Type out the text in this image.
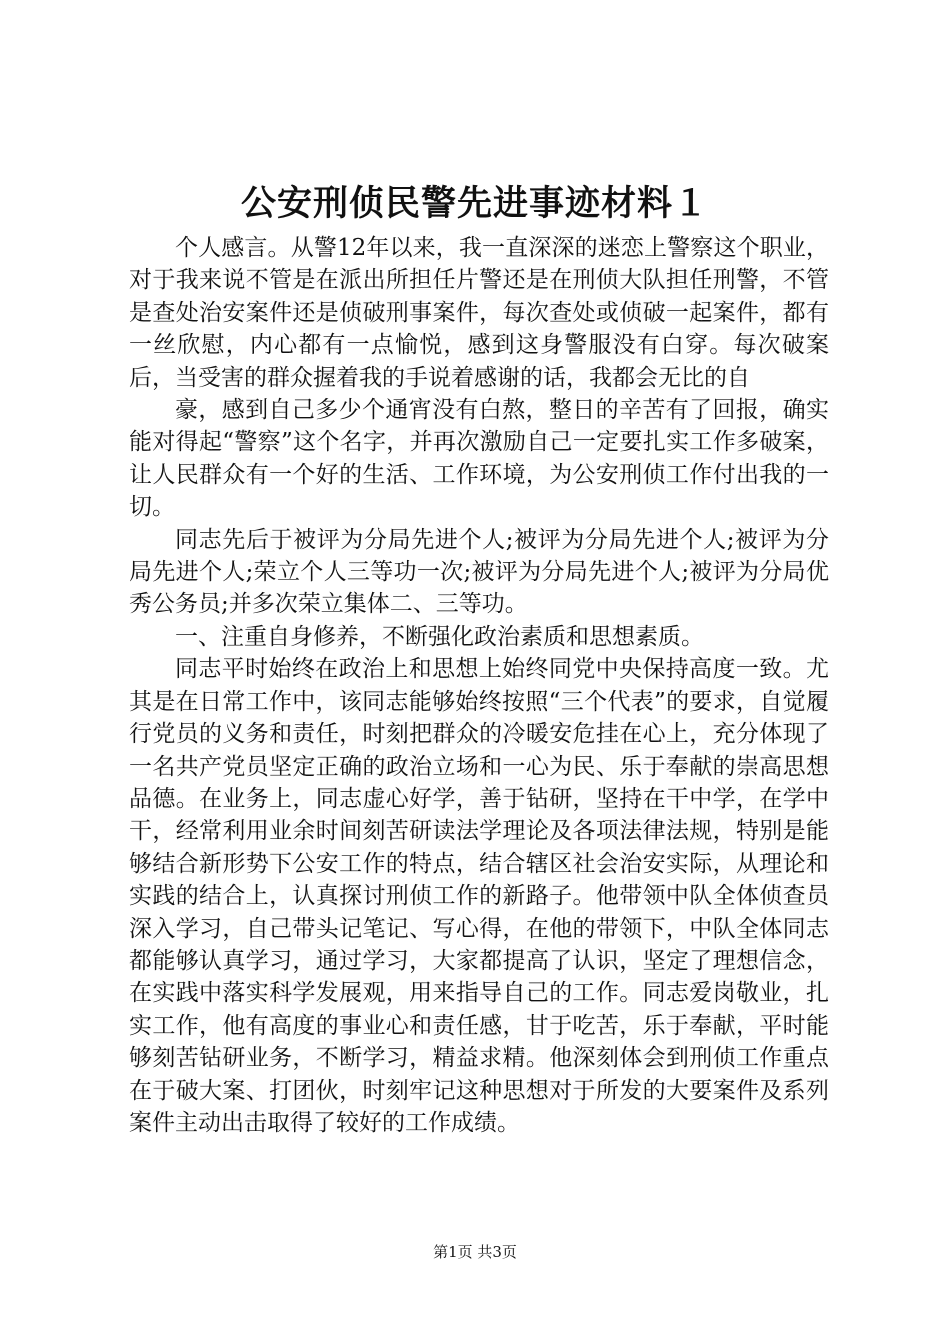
公安刑侦民警先进事迹材料１

个人感言。从警12年以来，我一直深深的迷恋上警察这个职业，对于我来说不管是在派出所担任片警还是在刑侦大队担任刑警，不管是查处治安案件还是侦破刑事案件，每次查处或侦破一起案件，都有一丝欣慰，内心都有一点愉悦，感到这身警服没有白穿。每次破案后，当受害的群众握着我的手说着感谢的话，我都会无比的自

豪，感到自己多少个通宵没有白熬，整日的辛苦有了回报，确实能对得起“警察”这个名字，并再次激励自己一定要扎实工作多破案，让人民群众有一个好的生活、工作环境，为公安刑侦工作付出我的一切。

同志先后于被评为分局先进个人;被评为分局先进个人;被评为分局先进个人;荣立个人三等功一次;被评为分局先进个人;被评为分局优秀公务员;并多次荣立集体二、三等功。

一、注重自身修养，不断强化政治素质和思想素质。

同志平时始终在政治上和思想上始终同党中央保持高度一致。尤其是在日常工作中，该同志能够始终按照“三个代表”的要求，自觉履行党员的义务和责任，时刻把群众的冷暖安危挂在心上，充分体现了一名共产党员坚定正确的政治立场和一心为民、乐于奉献的崇高思想品德。在业务上，同志虚心好学，善于钻研，坚持在干中学，在学中干，经常利用业余时间刻苦研读法学理论及各项法律法规，特别是能够结合新形势下公安工作的特点，结合辖区社会治安实际，从理论和实践的结合上，认真探讨刑侦工作的新路子。他带领中队全体侦查员深入学习，自己带头记笔记、写心得，在他的带领下，中队全体同志都能够认真学习，通过学习，大家都提高了认识，坚定了理想信念，在实践中落实科学发展观，用来指导自己的工作。同志爱岗敬业，扎实工作，他有高度的事业心和责任感，甘于吃苦，乐于奉献，平时能够刻苦钻研业务，不断学习，精益求精。他深刻体会到刑侦工作重点在于破大案、打团伙，时刻牢记这种思想对于所发的大要案件及系列案件主动出击取得了较好的工作成绩。

第1页 共3页
